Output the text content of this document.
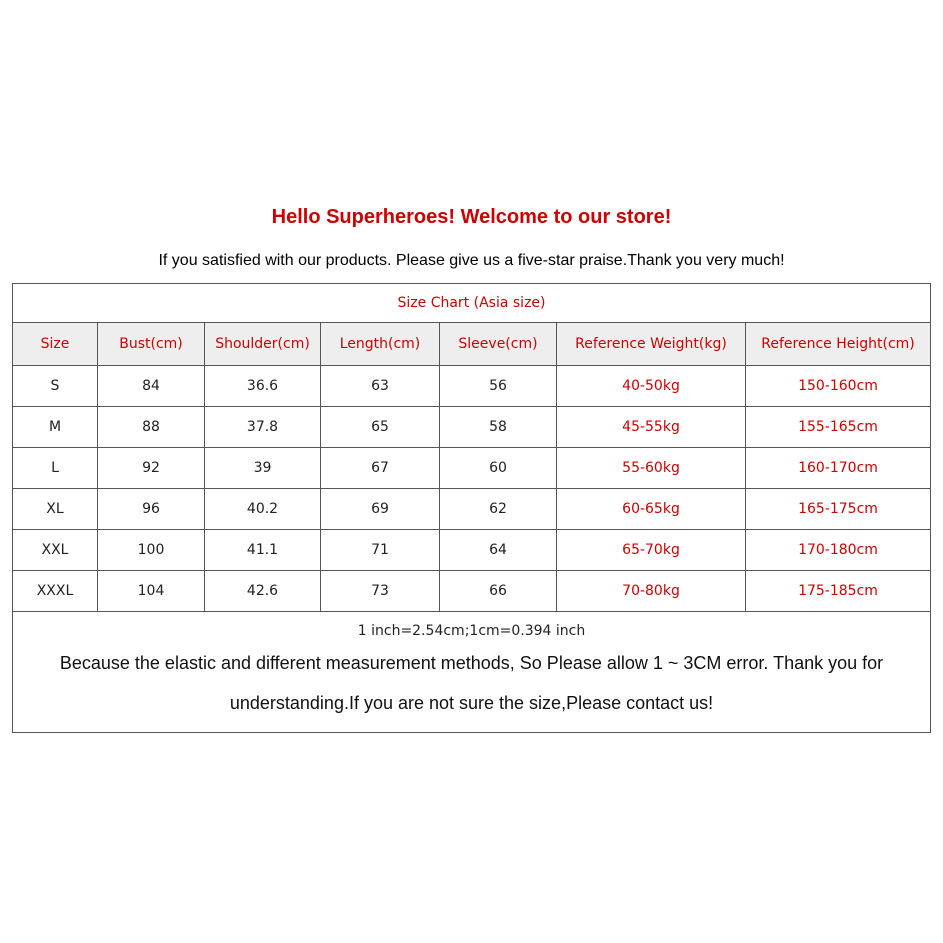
Hello Superheroes! Welcome to our store!
If you satisfied with our products. Please give us a five-star praise.Thank you very much!
Size Chart (Asia size)						
Size	Bust(cm)	Shoulder(cm)	Length(cm)	Sleeve(cm)	Reference Weight(kg)	Reference Height(cm)
S	84	36.6	63	56	40-50kg	150-160cm
M	88	37.8	65	58	45-55kg	155-165cm
L	92	39	67	60	55-60kg	160-170cm
XL	96	40.2	69	62	60-65kg	165-175cm
XXL	100	41.1	71	64	65-70kg	170-180cm
XXXL	104	42.6	73	66	70-80kg	175-185cm

1 inch=2.54cm;1cm=0.394 inch
Because the elastic and different measurement methods, So Please allow 1 ~ 3CM error. Thank you for understanding.If you are not sure the size,Please contact us!						
